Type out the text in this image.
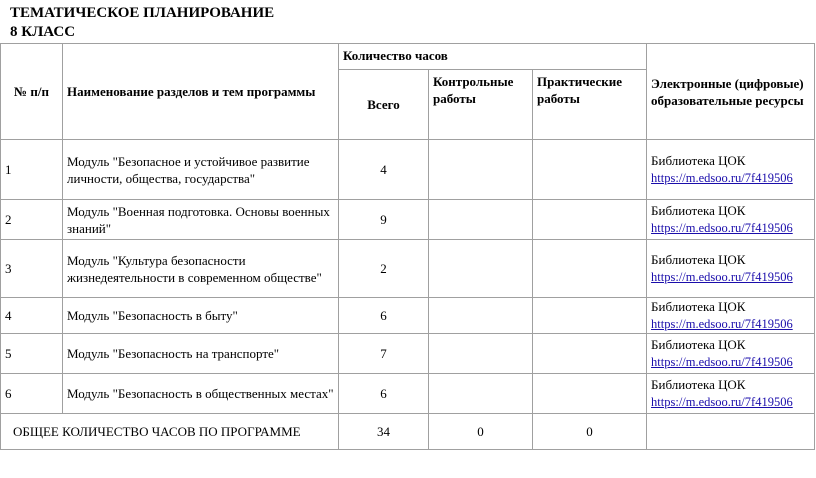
ТЕМАТИЧЕСКОЕ ПЛАНИРОВАНИЕ
8 КЛАСС
№ п/п	Наименование разделов и тем программы	Количество часов			Электронные (цифровые) образовательные ресурсы
		Всего	Контрольные работы	Практические работы	
1	Модуль "Безопасное и устойчивое развитие личности, общества, государства"	4			Библиотека ЦОК
https://m.edsoo.ru/7f419506
2	Модуль "Военная подготовка. Основы военных знаний"	9			Библиотека ЦОК
https://m.edsoo.ru/7f419506
3	Модуль "Культура безопасности жизнедеятельности в современном обществе"	2			Библиотека ЦОК
https://m.edsoo.ru/7f419506
4	Модуль "Безопасность в быту"	6			Библиотека ЦОК
https://m.edsoo.ru/7f419506
5	Модуль "Безопасность на транспорте"	7			Библиотека ЦОК
https://m.edsoo.ru/7f419506
6	Модуль "Безопасность в общественных местах"	6			Библиотека ЦОК
https://m.edsoo.ru/7f419506
ОБЩЕЕ КОЛИЧЕСТВО ЧАСОВ ПО ПРОГРАММЕ		34	0	0	
